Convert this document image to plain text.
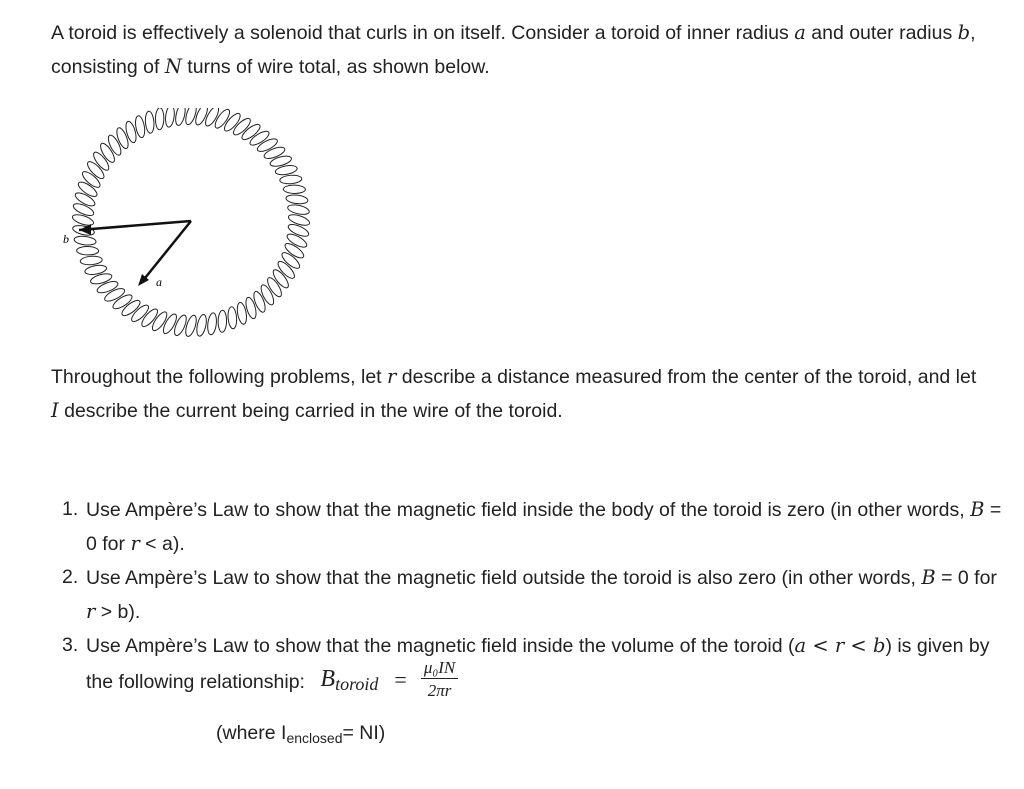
A toroid is effectively a solenoid that curls in on itself. Consider a toroid of inner radius a and outer radius b, consisting of N turns of wire total, as shown below.

b
a

Throughout the following problems, let r describe a distance measured from the center of the toroid, and let I describe the current being carried in the wire of the toroid.

1. Use Ampère’s Law to show that the magnetic field inside the body of the toroid is zero (in other words, B = 0 for r < a).
2. Use Ampère’s Law to show that the magnetic field outside the toroid is also zero (in other words, B = 0 for r > b).
3. Use Ampère’s Law to show that the magnetic field inside the volume of the toroid (a < r < b) is given by the following relationship: B toroid = $\frac{\text{μ₀IN}}{2\pi r}$
(where $I_{enclosed}= NI$)
